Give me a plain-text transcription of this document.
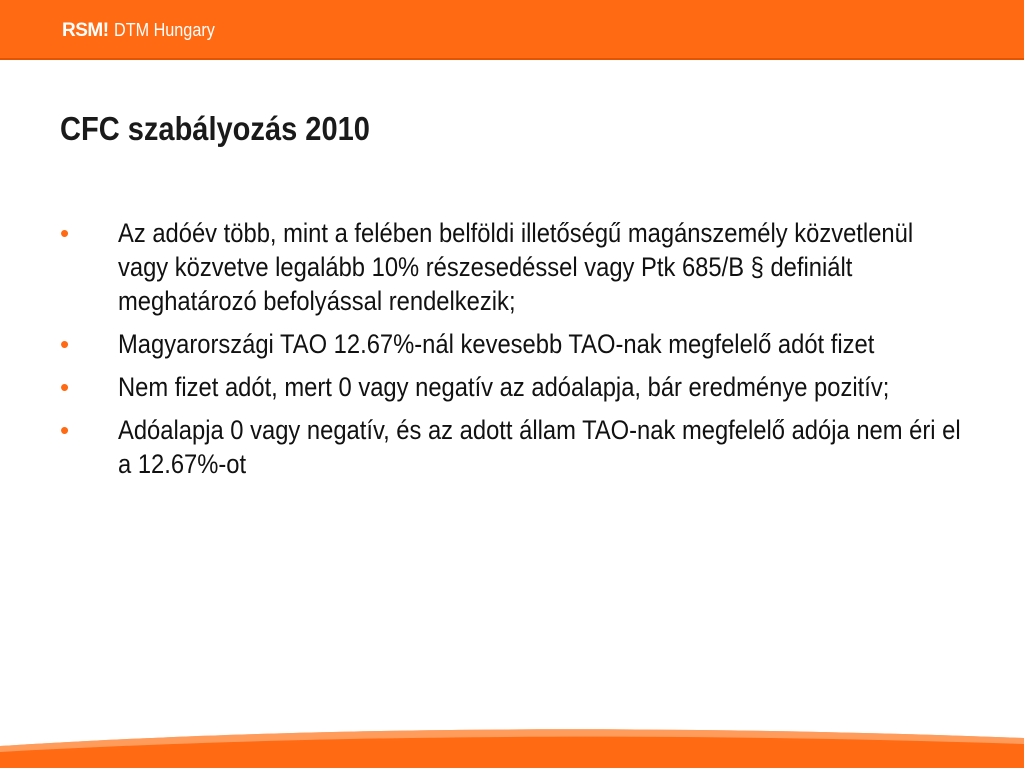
RSM! DTM Hungary
CFC szabályozás 2010
• Az adóév több, mint a felében belföldi illetőségű magánszemély közvetlenül vagy közvetve legalább 10% részesedéssel vagy Ptk 685/B § definiált meghatározó befolyással rendelkezik;
• Magyarországi TAO 12.67%-nál kevesebb TAO-nak megfelelő adót fizet
• Nem fizet adót, mert 0 vagy negatív az adóalapja, bár eredménye pozitív;
• Adóalapja 0 vagy negatív, és az adott állam TAO-nak megfelelő adója nem éri el a 12.67%-ot
